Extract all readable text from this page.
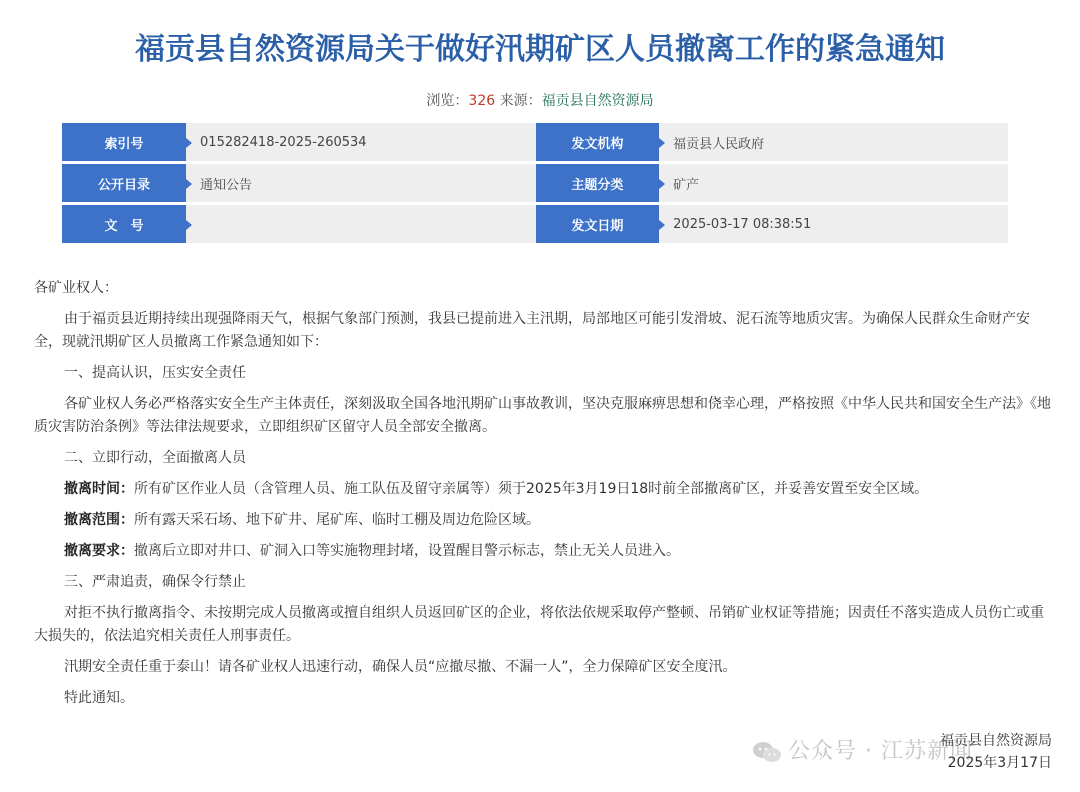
福贡县自然资源局关于做好汛期矿区人员撤离工作的紧急通知
浏览：326 来源：福贡县自然资源局
索引号	015282418-2025-260534		发文机构	福贡县人民政府
公开目录	通知公告		主题分类	矿产
文　号			发文日期	2025-03-17 08:38:51

各矿业权人：

由于福贡县近期持续出现强降雨天气，根据气象部门预测，我县已提前进入主汛期，局部地区可能引发滑坡、泥石流等地质灾害。为确保人民群众生命财产安全，现就汛期矿区人员撤离工作紧急通知如下：

一、提高认识，压实安全责任

各矿业权人务必严格落实安全生产主体责任，深刻汲取全国各地汛期矿山事故教训，坚决克服麻痹思想和侥幸心理，严格按照《中华人民共和国安全生产法》《地质灾害防治条例》等法律法规要求，立即组织矿区留守人员全部安全撤离。

二、立即行动，全面撤离人员

撤离时间：所有矿区作业人员（含管理人员、施工队伍及留守亲属等）须于2025年3月19日18时前全部撤离矿区，并妥善安置至安全区域。

撤离范围：所有露天采石场、地下矿井、尾矿库、临时工棚及周边危险区域。

撤离要求：撤离后立即对井口、矿洞入口等实施物理封堵，设置醒目警示标志，禁止无关人员进入。

三、严肃追责，确保令行禁止

对拒不执行撤离指令、未按期完成人员撤离或擅自组织人员返回矿区的企业，将依法依规采取停产整顿、吊销矿业权证等措施；因责任不落实造成人员伤亡或重大损失的，依法追究相关责任人刑事责任。

汛期安全责任重于泰山！请各矿业权人迅速行动，确保人员“应撤尽撤、不漏一人”，全力保障矿区安全度汛。

特此通知。

公众号 · 江苏新闻
福贡县自然资源局
2025年3月17日
